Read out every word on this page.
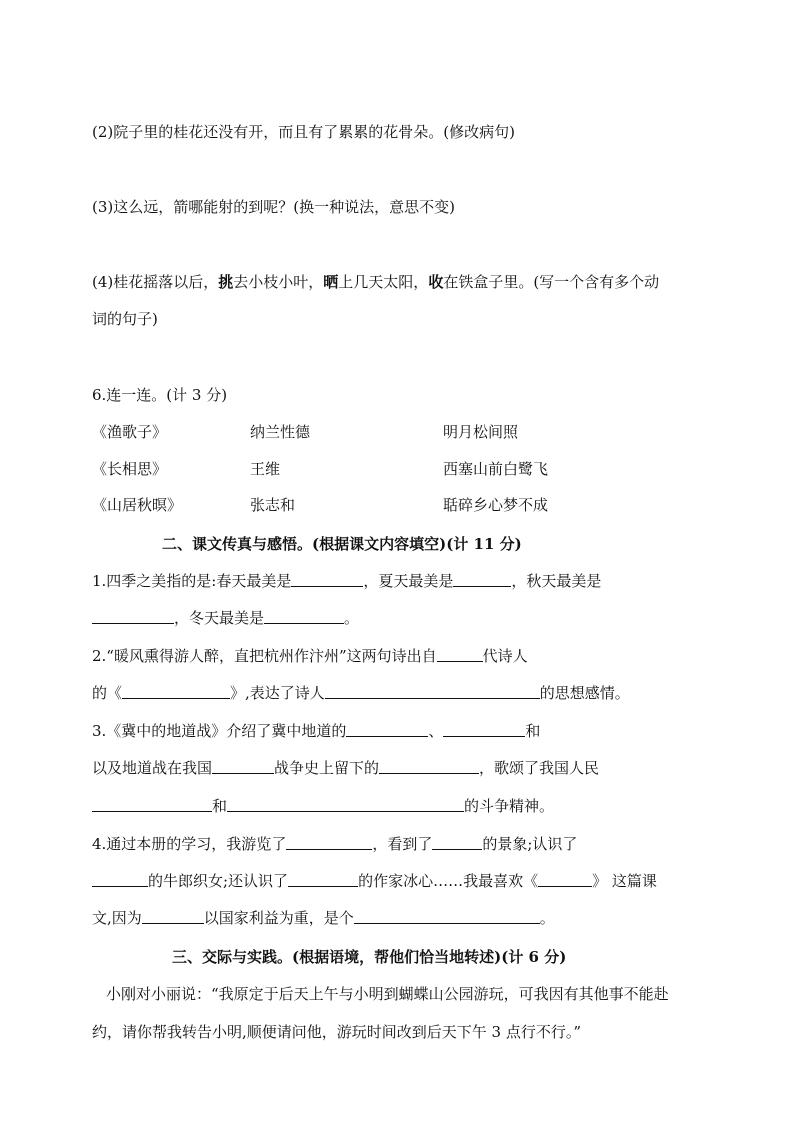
(2)院子里的桂花还没有开，而且有了累累的花骨朵。(修改病句)
(3)这么远，箭哪能射的到呢？(换一种说法，意思不变)
(4)桂花摇落以后，挑去小枝小叶，晒上几天太阳，收在铁盒子里。(写一个含有多个动
词的句子)
6.连一连。(计 3 分)
《渔歌子》	纳兰性德	明月松间照
《长相思》	王维	西塞山前白鹭飞
《山居秋暝》	张志和	聒碎乡心梦不成
二、课文传真与感悟。(根据课文内容填空)(计 11 分)
1.四季之美指的是:春天最美是	，夏天最美是	，秋天最美是
，冬天最美是	。
2.“暖风熏得游人醉，直把杭州作汴州”这两句诗出自	代诗人
的《	》,表达了诗人	的思想感情。
3.《冀中的地道战》介绍了冀中地道的	、	和
以及地道战在我国	战争史上留下的	，歌颂了我国人民
和	的斗争精神。
4.通过本册的学习，我游览了	，看到了	的景象;认识了
的牛郎织女;还认识了	的作家冰心……我最喜欢《	》 这篇课
文,因为	以国家利益为重，是个	。
三、交际与实践。(根据语境，帮他们恰当地转述)(计 6 分)
小刚对小丽说：“我原定于后天上午与小明到蝴蝶山公园游玩，可我因有其他事不能赴
约，请你帮我转告小明,顺便请问他，游玩时间改到后天下午 3 点行不行。”
